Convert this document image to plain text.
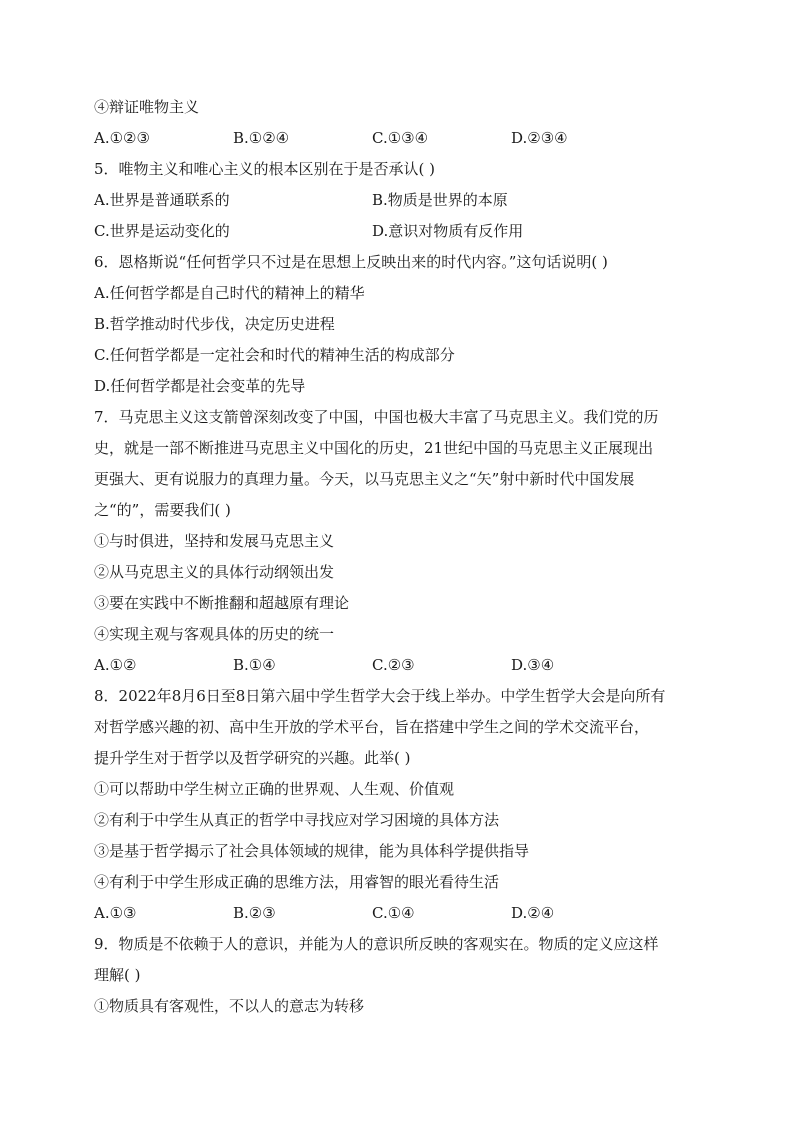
④辩证唯物主义
A.①②③	B.①②④	C.①③④	D.②③④
5．唯物主义和唯心主义的根本区别在于是否承认( )
A.世界是普通联系的	B.物质是世界的本原
C.世界是运动变化的	D.意识对物质有反作用
6．恩格斯说“任何哲学只不过是在思想上反映出来的时代内容。”这句话说明( )
A.任何哲学都是自己时代的精神上的精华
B.哲学推动时代步伐，决定历史进程
C.任何哲学都是一定社会和时代的精神生活的构成部分
D.任何哲学都是社会变革的先导
7．马克思主义这支箭曾深刻改变了中国，中国也极大丰富了马克思主义。我们党的历
史，就是一部不断推进马克思主义中国化的历史，21世纪中国的马克思主义正展现出
更强大、更有说服力的真理力量。今天，以马克思主义之“矢”射中新时代中国发展
之“的”，需要我们( )
①与时俱进，坚持和发展马克思主义
②从马克思主义的具体行动纲领出发
③要在实践中不断推翻和超越原有理论
④实现主观与客观具体的历史的统一
A.①②	B.①④	C.②③	D.③④
8．2022年8月6日至8日第六届中学生哲学大会于线上举办。中学生哲学大会是向所有
对哲学感兴趣的初、高中生开放的学术平台，旨在搭建中学生之间的学术交流平台，
提升学生对于哲学以及哲学研究的兴趣。此举( )
①可以帮助中学生树立正确的世界观、人生观、价值观
②有利于中学生从真正的哲学中寻找应对学习困境的具体方法
③是基于哲学揭示了社会具体领域的规律，能为具体科学提供指导
④有利于中学生形成正确的思维方法，用睿智的眼光看待生活
A.①③	B.②③	C.①④	D.②④
9．物质是不依赖于人的意识，并能为人的意识所反映的客观实在。物质的定义应这样
理解( )
①物质具有客观性，不以人的意志为转移
